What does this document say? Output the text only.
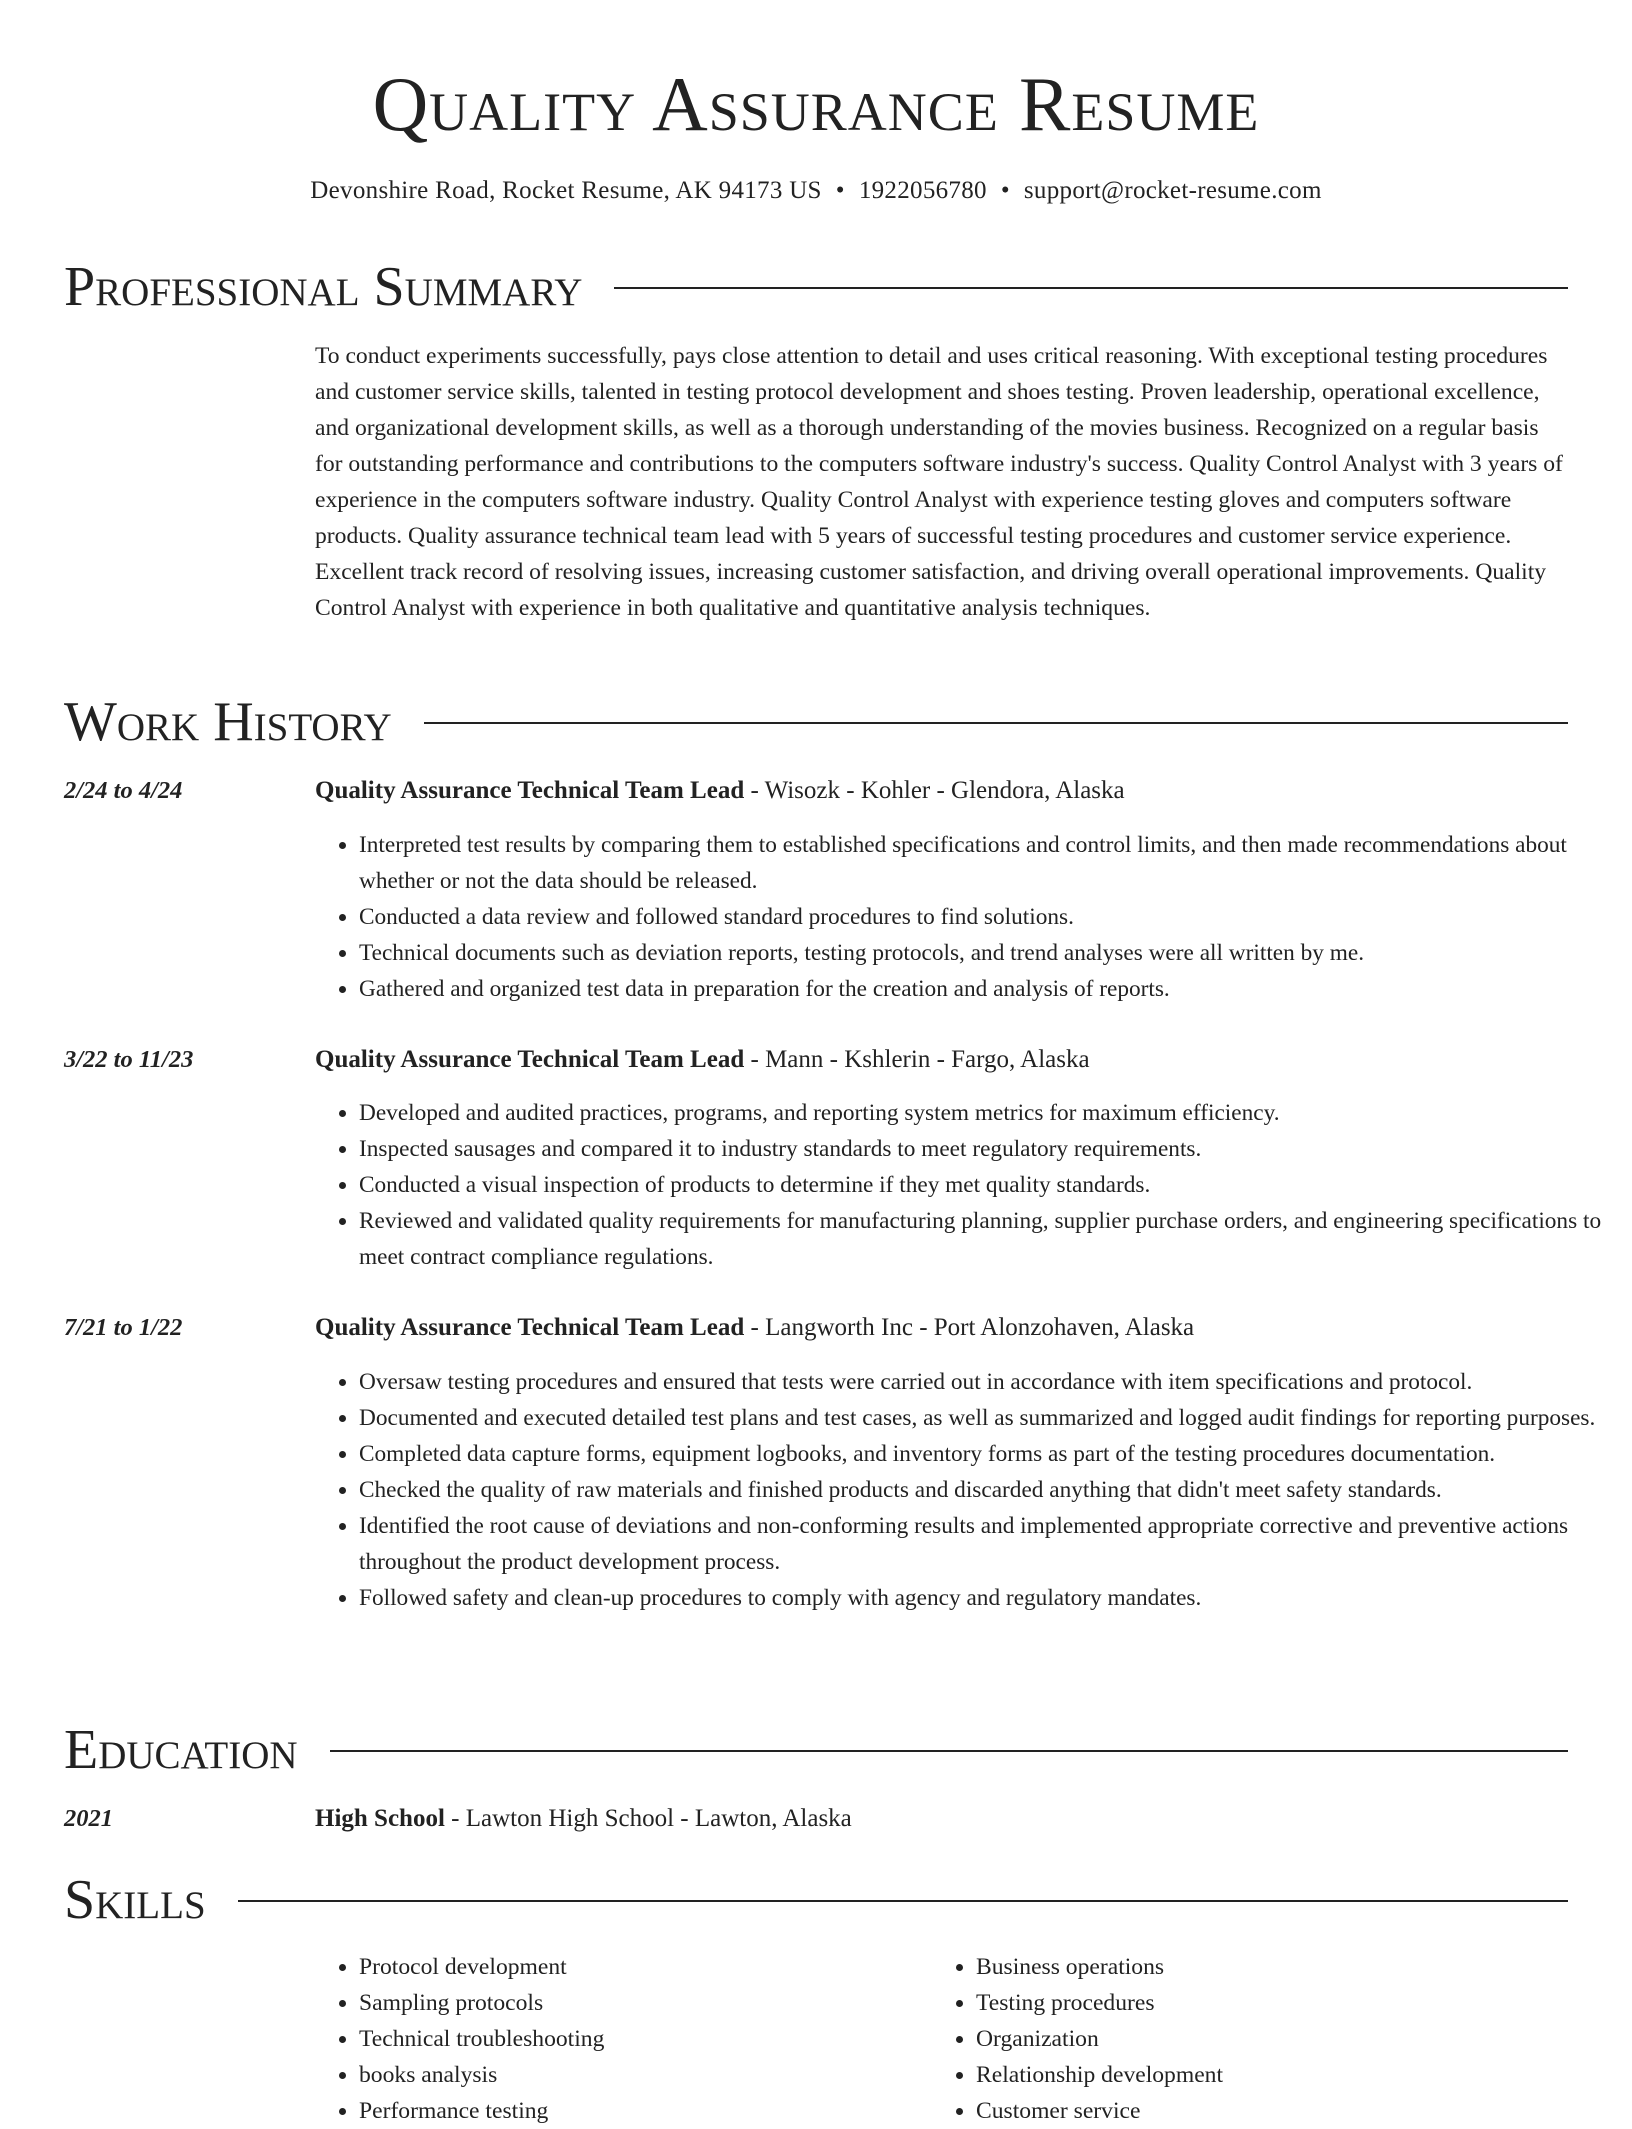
Quality Assurance Resume
Devonshire Road, Rocket Resume, AK 94173 US • 1922056780 • support@rocket-resume.com
Professional Summary

To conduct experiments successfully, pays close attention to detail and uses critical reasoning. With exceptional testing procedures and customer service skills, talented in testing protocol development and shoes testing. Proven leadership, operational excellence, and organizational development skills, as well as a thorough understanding of the movies business. Recognized on a regular basis for outstanding performance and contributions to the computers software industry's success. Quality Control Analyst with 3 years of experience in the computers software industry. Quality Control Analyst with experience testing gloves and computers software products. Quality assurance technical team lead with 5 years of successful testing procedures and customer service experience. Excellent track record of resolving issues, increasing customer satisfaction, and driving overall operational improvements. Quality Control Analyst with experience in both qualitative and quantitative analysis techniques.

Work History
2/24 to 4/24	Quality Assurance Technical Team Lead - Wisozk - Kohler - Glendora, Alaska
• Interpreted test results by comparing them to established specifications and control limits, and then made recommendations about whether or not the data should be released.
• Conducted a data review and followed standard procedures to find solutions.
• Technical documents such as deviation reports, testing protocols, and trend analyses were all written by me.
• Gathered and organized test data in preparation for the creation and analysis of reports.
3/22 to 11/23	Quality Assurance Technical Team Lead - Mann - Kshlerin - Fargo, Alaska
• Developed and audited practices, programs, and reporting system metrics for maximum efficiency.
• Inspected sausages and compared it to industry standards to meet regulatory requirements.
• Conducted a visual inspection of products to determine if they met quality standards.
• Reviewed and validated quality requirements for manufacturing planning, supplier purchase orders, and engineering specifications to meet contract compliance regulations.
7/21 to 1/22	Quality Assurance Technical Team Lead - Langworth Inc - Port Alonzohaven, Alaska
• Oversaw testing procedures and ensured that tests were carried out in accordance with item specifications and protocol.
• Documented and executed detailed test plans and test cases, as well as summarized and logged audit findings for reporting purposes.
• Completed data capture forms, equipment logbooks, and inventory forms as part of the testing procedures documentation.
• Checked the quality of raw materials and finished products and discarded anything that didn't meet safety standards.
• Identified the root cause of deviations and non-conforming results and implemented appropriate corrective and preventive actions throughout the product development process.
• Followed safety and clean-up procedures to comply with agency and regulatory mandates.
Education
2021	High School - Lawton High School - Lawton, Alaska
Skills
• Protocol development
• Sampling protocols
• Technical troubleshooting
• books analysis
• Performance testing
• Business operations
• Testing procedures
• Organization
• Relationship development
• Customer service
